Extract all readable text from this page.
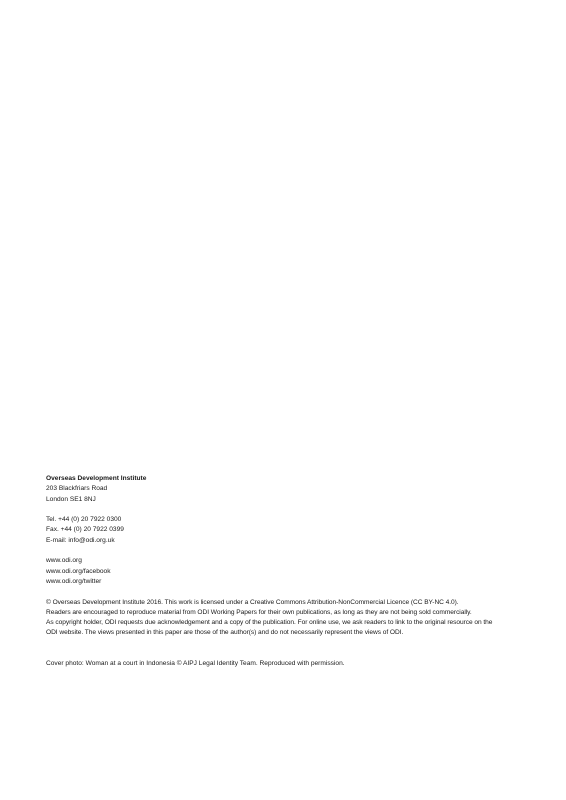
Overseas Development Institute

203 Blackfriars Road

London SE1 8NJ

Tel. +44 (0) 20 7922 0300

Fax. +44 (0) 20 7922 0399

E-mail: info@odi.org.uk

www.odi.org

www.odi.org/facebook

www.odi.org/twitter

© Overseas Development Institute 2016. This work is licensed under a Creative Commons Attribution-NonCommercial Licence (CC BY-NC 4.0).

Readers are encouraged to reproduce material from ODI Working Papers for their own publications, as long as they are not being sold commercially.

As copyright holder, ODI requests due acknowledgement and a copy of the publication. For online use, we ask readers to link to the original resource on the

ODI website. The views presented in this paper are those of the author(s) and do not necessarily represent the views of ODI.

Cover photo: Woman at a court in Indonesia © AIPJ Legal Identity Team. Reproduced with permission.
